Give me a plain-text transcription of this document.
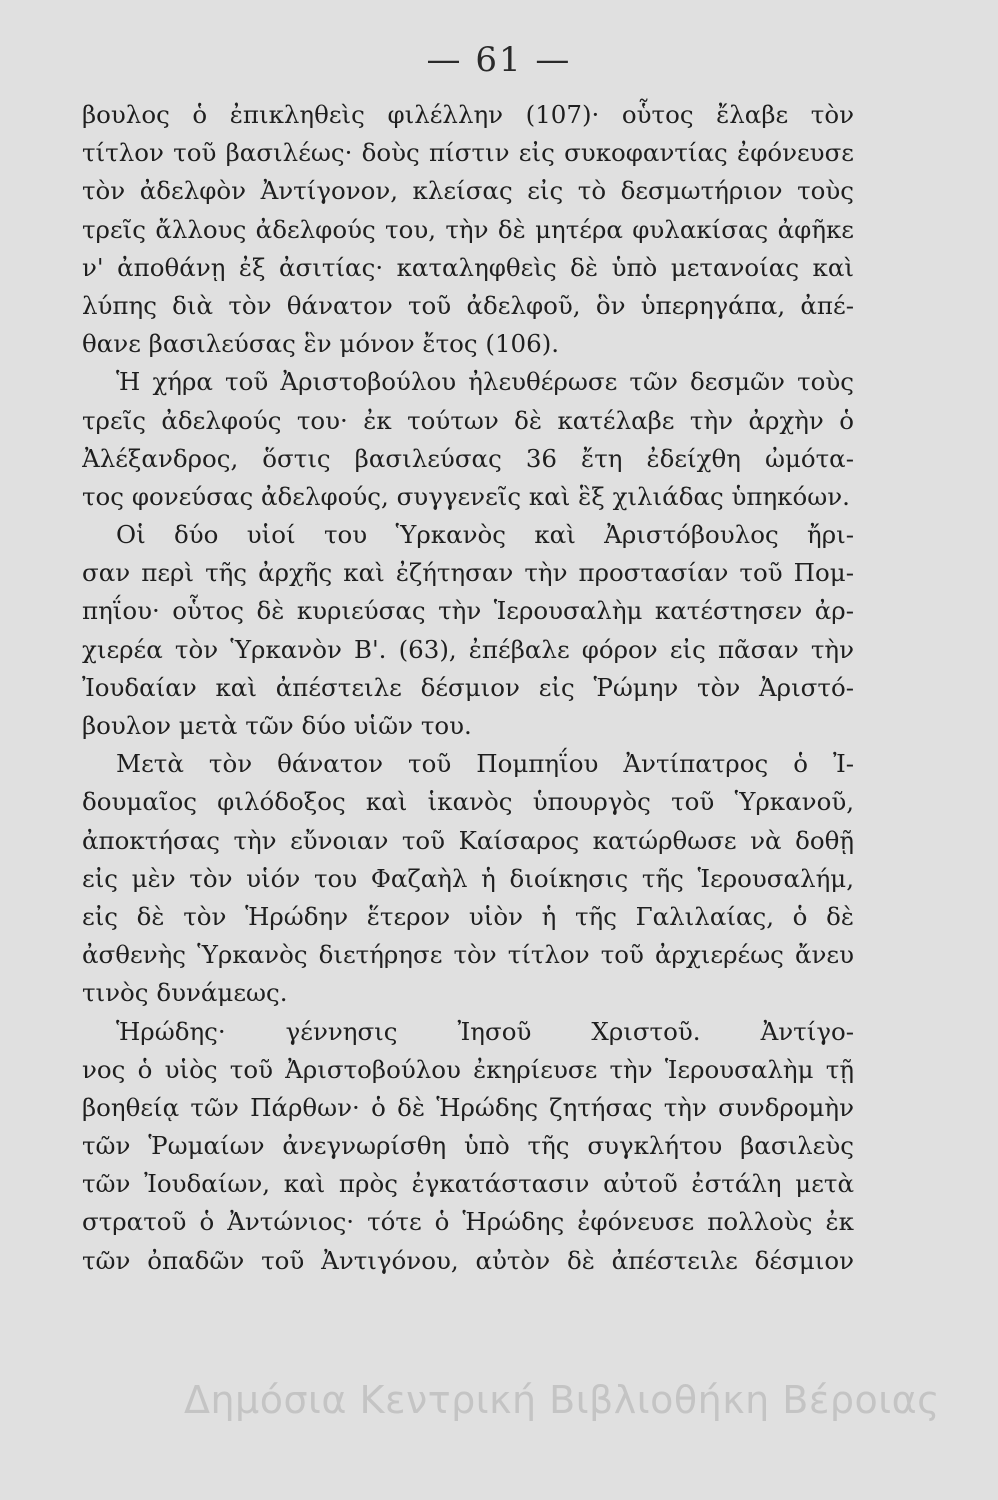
— 61 —
βουλος ὁ ἐπικληθεὶς φιλέλλην (107)· οὗτος ἔλαβε τὸν
τίτλον τοῦ βασιλέως· δοὺς πίστιν εἰς συκοφαντίας ἐφόνευσε
τὸν ἀδελφὸν Ἀντίγονον, κλείσας εἰς τὸ δεσμωτήριον τοὺς
τρεῖς ἄλλους ἀδελφούς του, τὴν δὲ μητέρα φυλακίσας ἀφῆκε
ν' ἀποθάνῃ ἐξ ἀσιτίας· καταληφθεὶς δὲ ὑπὸ μετανοίας καὶ
λύπης διὰ τὸν θάνατον τοῦ ἀδελφοῦ, ὃν ὑπερηγάπα, ἀπέ-
θανε βασιλεύσας ἓν μόνον ἔτος (106).
Ἡ χήρα τοῦ Ἀριστοβούλου ἠλευθέρωσε τῶν δεσμῶν τοὺς
τρεῖς ἀδελφούς του· ἐκ τούτων δὲ κατέλαβε τὴν ἀρχὴν ὁ
Ἀλέξανδρος, ὅστις βασιλεύσας 36 ἔτη ἐδείχθη ὠμότα-
τος φονεύσας ἀδελφούς, συγγενεῖς καὶ ἓξ χιλιάδας ὑπηκόων.
Οἱ δύο υἱοί του Ὑρκανὸς καὶ Ἀριστόβουλος ἤρι-
σαν περὶ τῆς ἀρχῆς καὶ ἐζήτησαν τὴν προστασίαν τοῦ Πομ-
πηΐου· οὗτος δὲ κυριεύσας τὴν Ἱερουσαλὴμ κατέστησεν ἀρ-
χιερέα τὸν Ὑρκανὸν Β'. (63), ἐπέβαλε φόρον εἰς πᾶσαν τὴν
Ἰουδαίαν καὶ ἀπέστειλε δέσμιον εἰς Ῥώμην τὸν Ἀριστό-
βουλον μετὰ τῶν δύο υἱῶν του.
Μετὰ τὸν θάνατον τοῦ Πομπηΐου Ἀντίπατρος ὁ Ἰ-
δουμαῖος φιλόδοξος καὶ ἱκανὸς ὑπουργὸς τοῦ Ὑρκανοῦ,
ἀποκτήσας τὴν εὔνοιαν τοῦ Καίσαρος κατώρθωσε νὰ δοθῇ
εἰς μὲν τὸν υἱόν του Φαζαὴλ ἡ διοίκησις τῆς Ἱερουσαλήμ,
εἰς δὲ τὸν Ἡρώδην ἕτερον υἱὸν ἡ τῆς Γαλιλαίας, ὁ δὲ
ἀσθενὴς Ὑρκανὸς διετήρησε τὸν τίτλον τοῦ ἀρχιερέως ἄνευ
τινὸς δυνάμεως.
Ἡρώδης· γέννησις Ἰησοῦ Χριστοῦ. Ἀντίγο-
νος ὁ υἱὸς τοῦ Ἀριστοβούλου ἐκηρίευσε τὴν Ἱερουσαλὴμ τῇ
βοηθείᾳ τῶν Πάρθων· ὁ δὲ Ἡρώδης ζητήσας τὴν συνδρομὴν
τῶν Ῥωμαίων ἀνεγνωρίσθη ὑπὸ τῆς συγκλήτου βασιλεὺς
τῶν Ἰουδαίων, καὶ πρὸς ἐγκατάστασιν αὐτοῦ ἐστάλη μετὰ
στρατοῦ ὁ Ἀντώνιος· τότε ὁ Ἡρώδης ἐφόνευσε πολλοὺς ἐκ
τῶν ὀπαδῶν τοῦ Ἀντιγόνου, αὐτὸν δὲ ἀπέστειλε δέσμιον
Δημόσια Κεντρική Βιβλιοθήκη Βέροιας
